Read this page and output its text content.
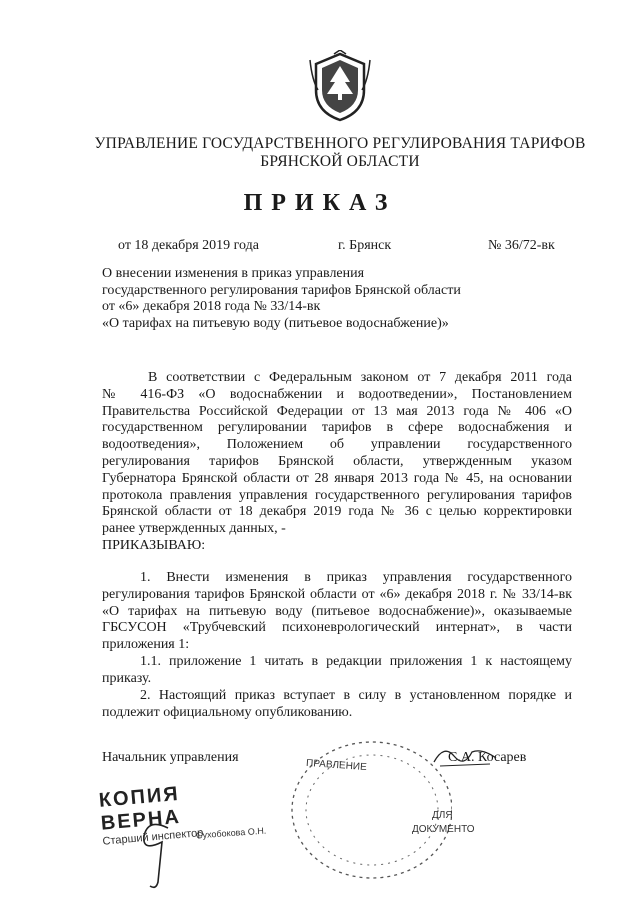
УПРАВЛЕНИЕ ГОСУДАРСТВЕННОГО РЕГУЛИРОВАНИЯ ТАРИФОВ
БРЯНСКОЙ ОБЛАСТИ
ПРИКАЗ
от 18 декабря 2019 года	г. Брянск	№ 36/72-вк
О внесении изменения в приказ управления
государственного регулирования тарифов Брянской области
от «6» декабря 2018 года № 33/14-вк
«О тарифах на питьевую воду (питьевое водоснабжение)»
В соответствии с Федеральным законом от 7 декабря 2011 года
№ 416-ФЗ «О водоснабжении и водоотведении», Постановлением
Правительства Российской Федерации от 13 мая 2013 года № 406 «О
государственном регулировании тарифов в сфере водоснабжения и
водоотведения», Положением об управлении государственного
регулирования тарифов Брянской области, утвержденным указом
Губернатора Брянской области от 28 января 2013 года № 45, на основании
протокола правления управления государственного регулирования тарифов
Брянской области от 18 декабря 2019 года № 36 с целью корректировки
ранее утвержденных данных, -
ПРИКАЗЫВАЮ:
1. Внести изменения в приказ управления государственного
регулирования тарифов Брянской области от «6» декабря 2018 г. № 33/14-вк
«О тарифах на питьевую воду (питьевое водоснабжение)», оказываемые
ГБСУСОН «Трубчевский психоневрологический интернат», в части
приложения 1:
1.1. приложение 1 читать в редакции приложения 1 к настоящему
приказу.
2. Настоящий приказ вступает в силу в установленном порядке и
подлежит официальному опубликованию.
Начальник управления	С.А. Косарев
ПРАВЛЕНИЕ
ДЛЯ
ДОКУМЕНТО
КОПИЯ ВЕРНА
Старший инспектор
Сухобокова О.Н.
